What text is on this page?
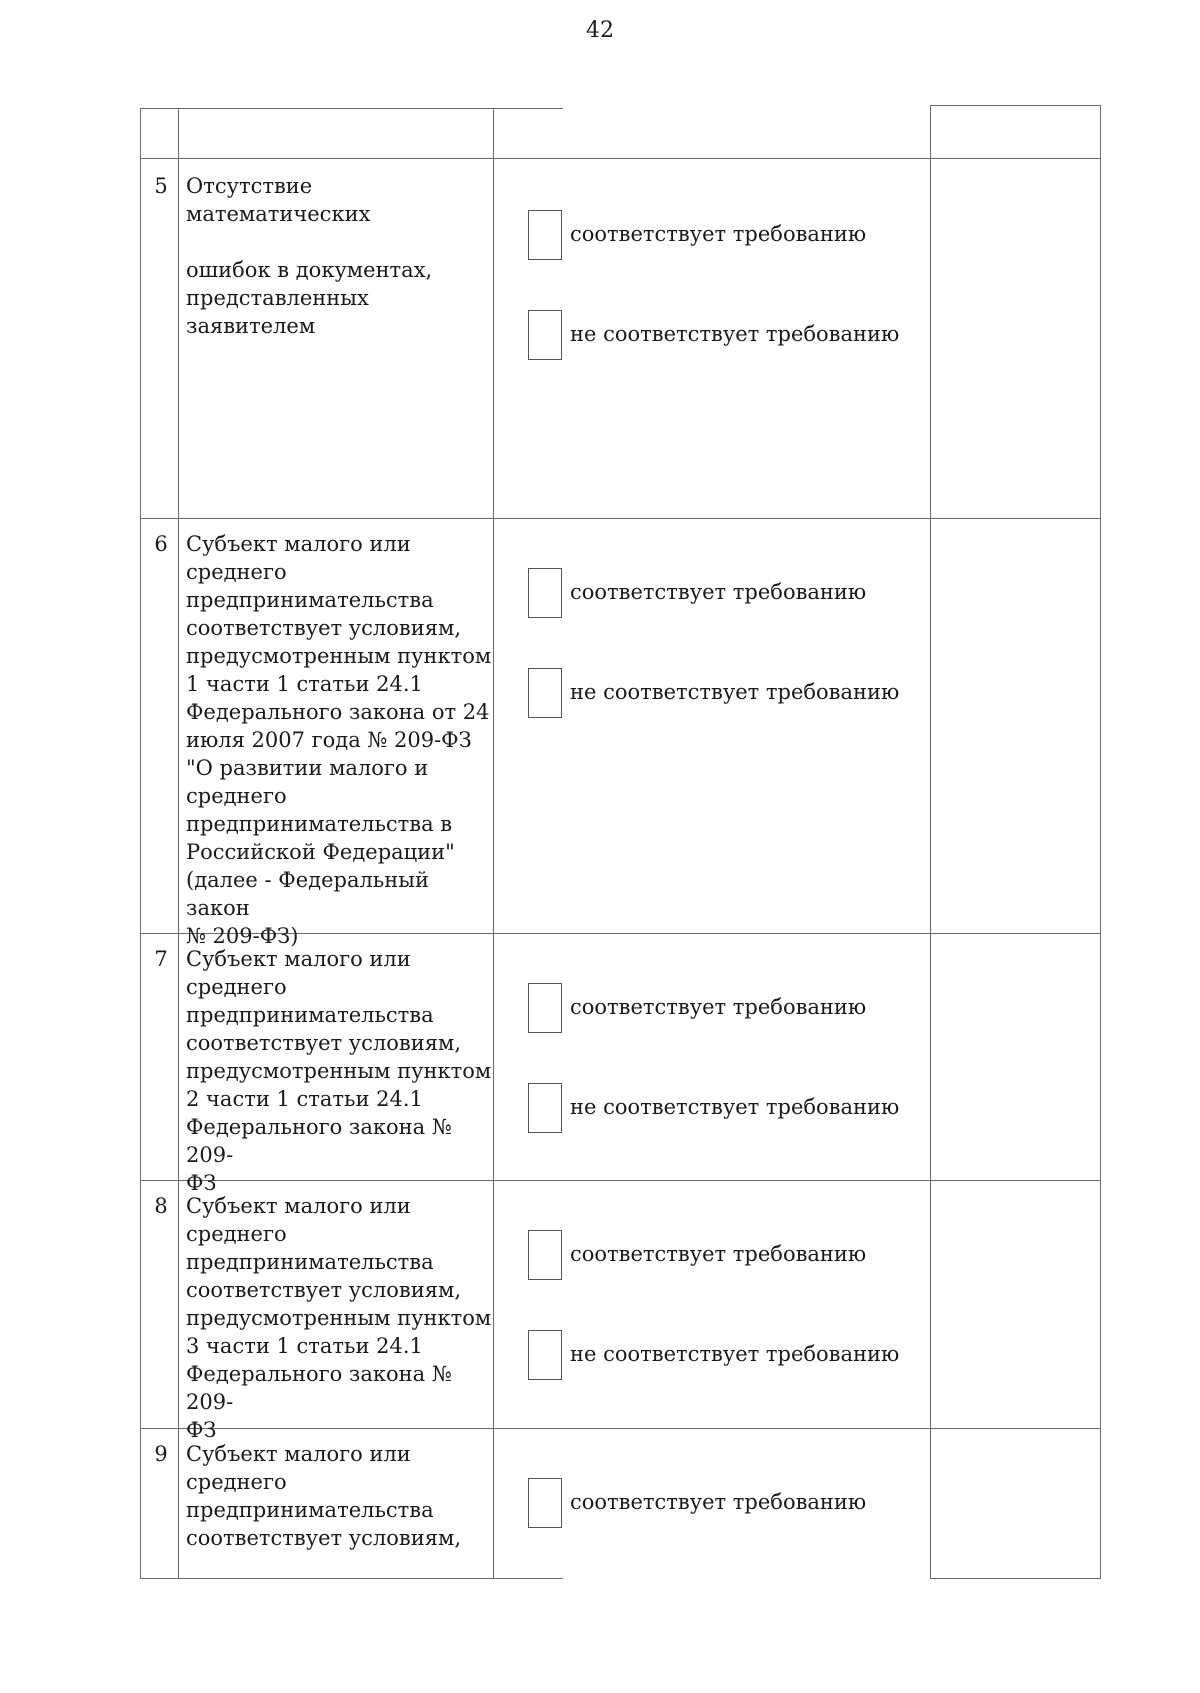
42
5 Отсутствие математических

ошибок в документах,
представленных заявителем
соответствует требованию
не соответствует требованию
6 Субъект малого или
среднего
предпринимательства
соответствует условиям,
предусмотренным пунктом
1 части 1 статьи 24.1
Федерального закона от 24
июля 2007 года № 209-ФЗ
"О развитии малого и
среднего
предпринимательства в
Российской Федерации"
(далее - Федеральный закон
№ 209-ФЗ)
соответствует требованию
не соответствует требованию
7 Субъект малого или
среднего
предпринимательства
соответствует условиям,
предусмотренным пунктом
2 части 1 статьи 24.1
Федерального закона № 209-
ФЗ
соответствует требованию
не соответствует требованию
8 Субъект малого или
среднего
предпринимательства
соответствует условиям,
предусмотренным пунктом
3 части 1 статьи 24.1
Федерального закона № 209-
ФЗ
соответствует требованию
не соответствует требованию
9 Субъект малого или
среднего
предпринимательства
соответствует условиям,
соответствует требованию
